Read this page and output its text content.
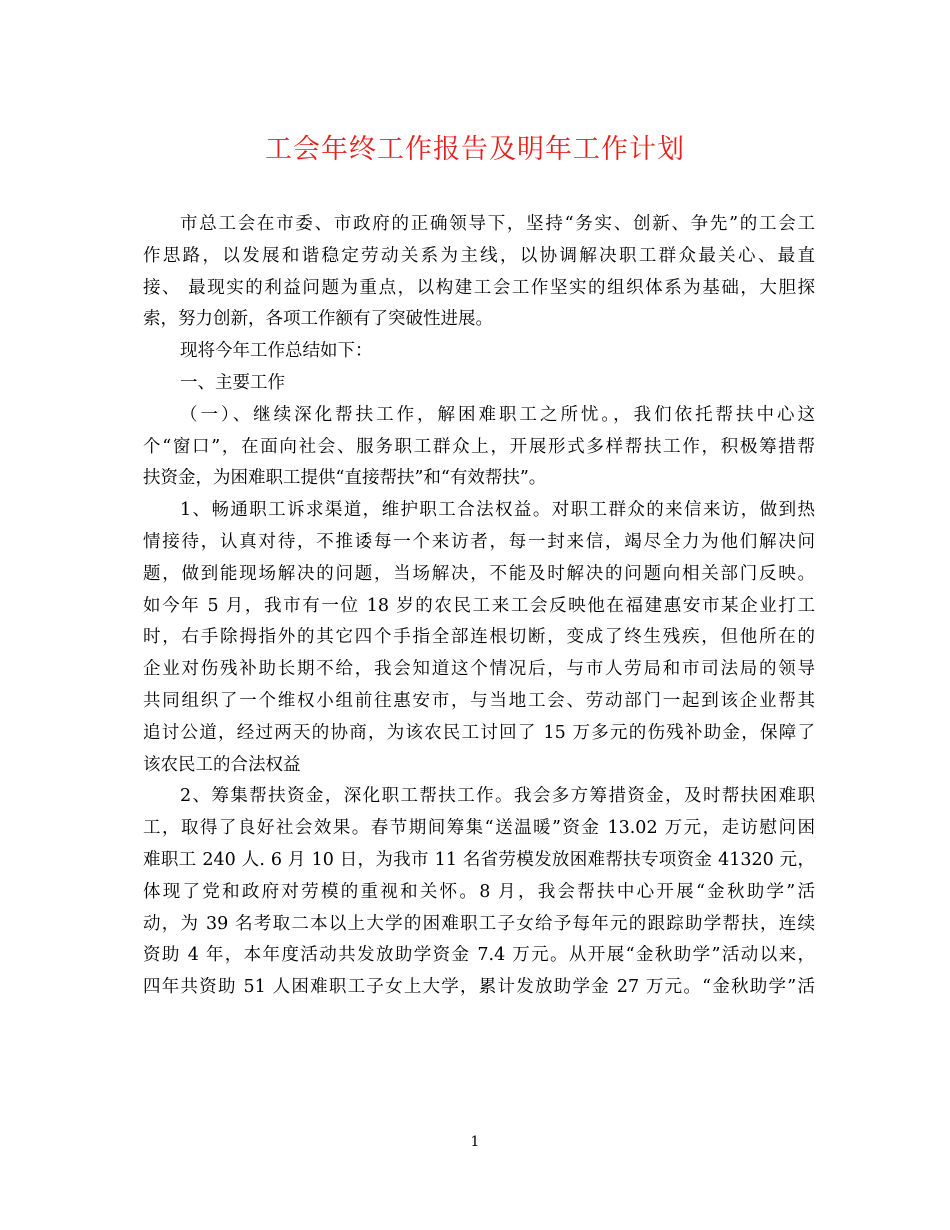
工会年终工作报告及明年工作计划
市总工会在市委、市政府的正确领导下，坚持“务实、创新、争先”的工会工
作思路，以发展和谐稳定劳动关系为主线，以协调解决职工群众最关心、最直
接、 最现实的利益问题为重点，以构建工会工作坚实的组织体系为基础，大胆探
索，努力创新，各项工作额有了突破性进展。
现将今年工作总结如下：
一、主要工作
（一）、继续深化帮扶工作，解困难职工之所忧。，我们依托帮扶中心这
个“窗口”，在面向社会、服务职工群众上，开展形式多样帮扶工作，积极筹措帮
扶资金，为困难职工提供“直接帮扶”和“有效帮扶”。
1、畅通职工诉求渠道，维护职工合法权益。对职工群众的来信来访，做到热
情接待，认真对待，不推诿每一个来访者，每一封来信，竭尽全力为他们解决问
题，做到能现场解决的问题，当场解决，不能及时解决的问题向相关部门反映。
如今年 5 月，我市有一位 18 岁的农民工来工会反映他在福建惠安市某企业打工
时，右手除拇指外的其它四个手指全部连根切断，变成了终生残疾，但他所在的
企业对伤残补助长期不给，我会知道这个情况后，与市人劳局和市司法局的领导
共同组织了一个维权小组前往惠安市，与当地工会、劳动部门一起到该企业帮其
追讨公道，经过两天的协商，为该农民工讨回了 15 万多元的伤残补助金，保障了
该农民工的合法权益
2、筹集帮扶资金，深化职工帮扶工作。我会多方筹措资金，及时帮扶困难职
工，取得了良好社会效果。春节期间筹集“送温暖”资金 13.02 万元，走访慰问困
难职工 240 人. 6 月 10 日，为我市 11 名省劳模发放困难帮扶专项资金 41320 元，
体现了党和政府对劳模的重视和关怀。8 月，我会帮扶中心开展“金秋助学”活
动，为 39 名考取二本以上大学的困难职工子女给予每年元的跟踪助学帮扶，连续
资助 4 年，本年度活动共发放助学资金 7.4 万元。从开展“金秋助学”活动以来，
四年共资助 51 人困难职工子女上大学，累计发放助学金 27 万元。“金秋助学”活
1
